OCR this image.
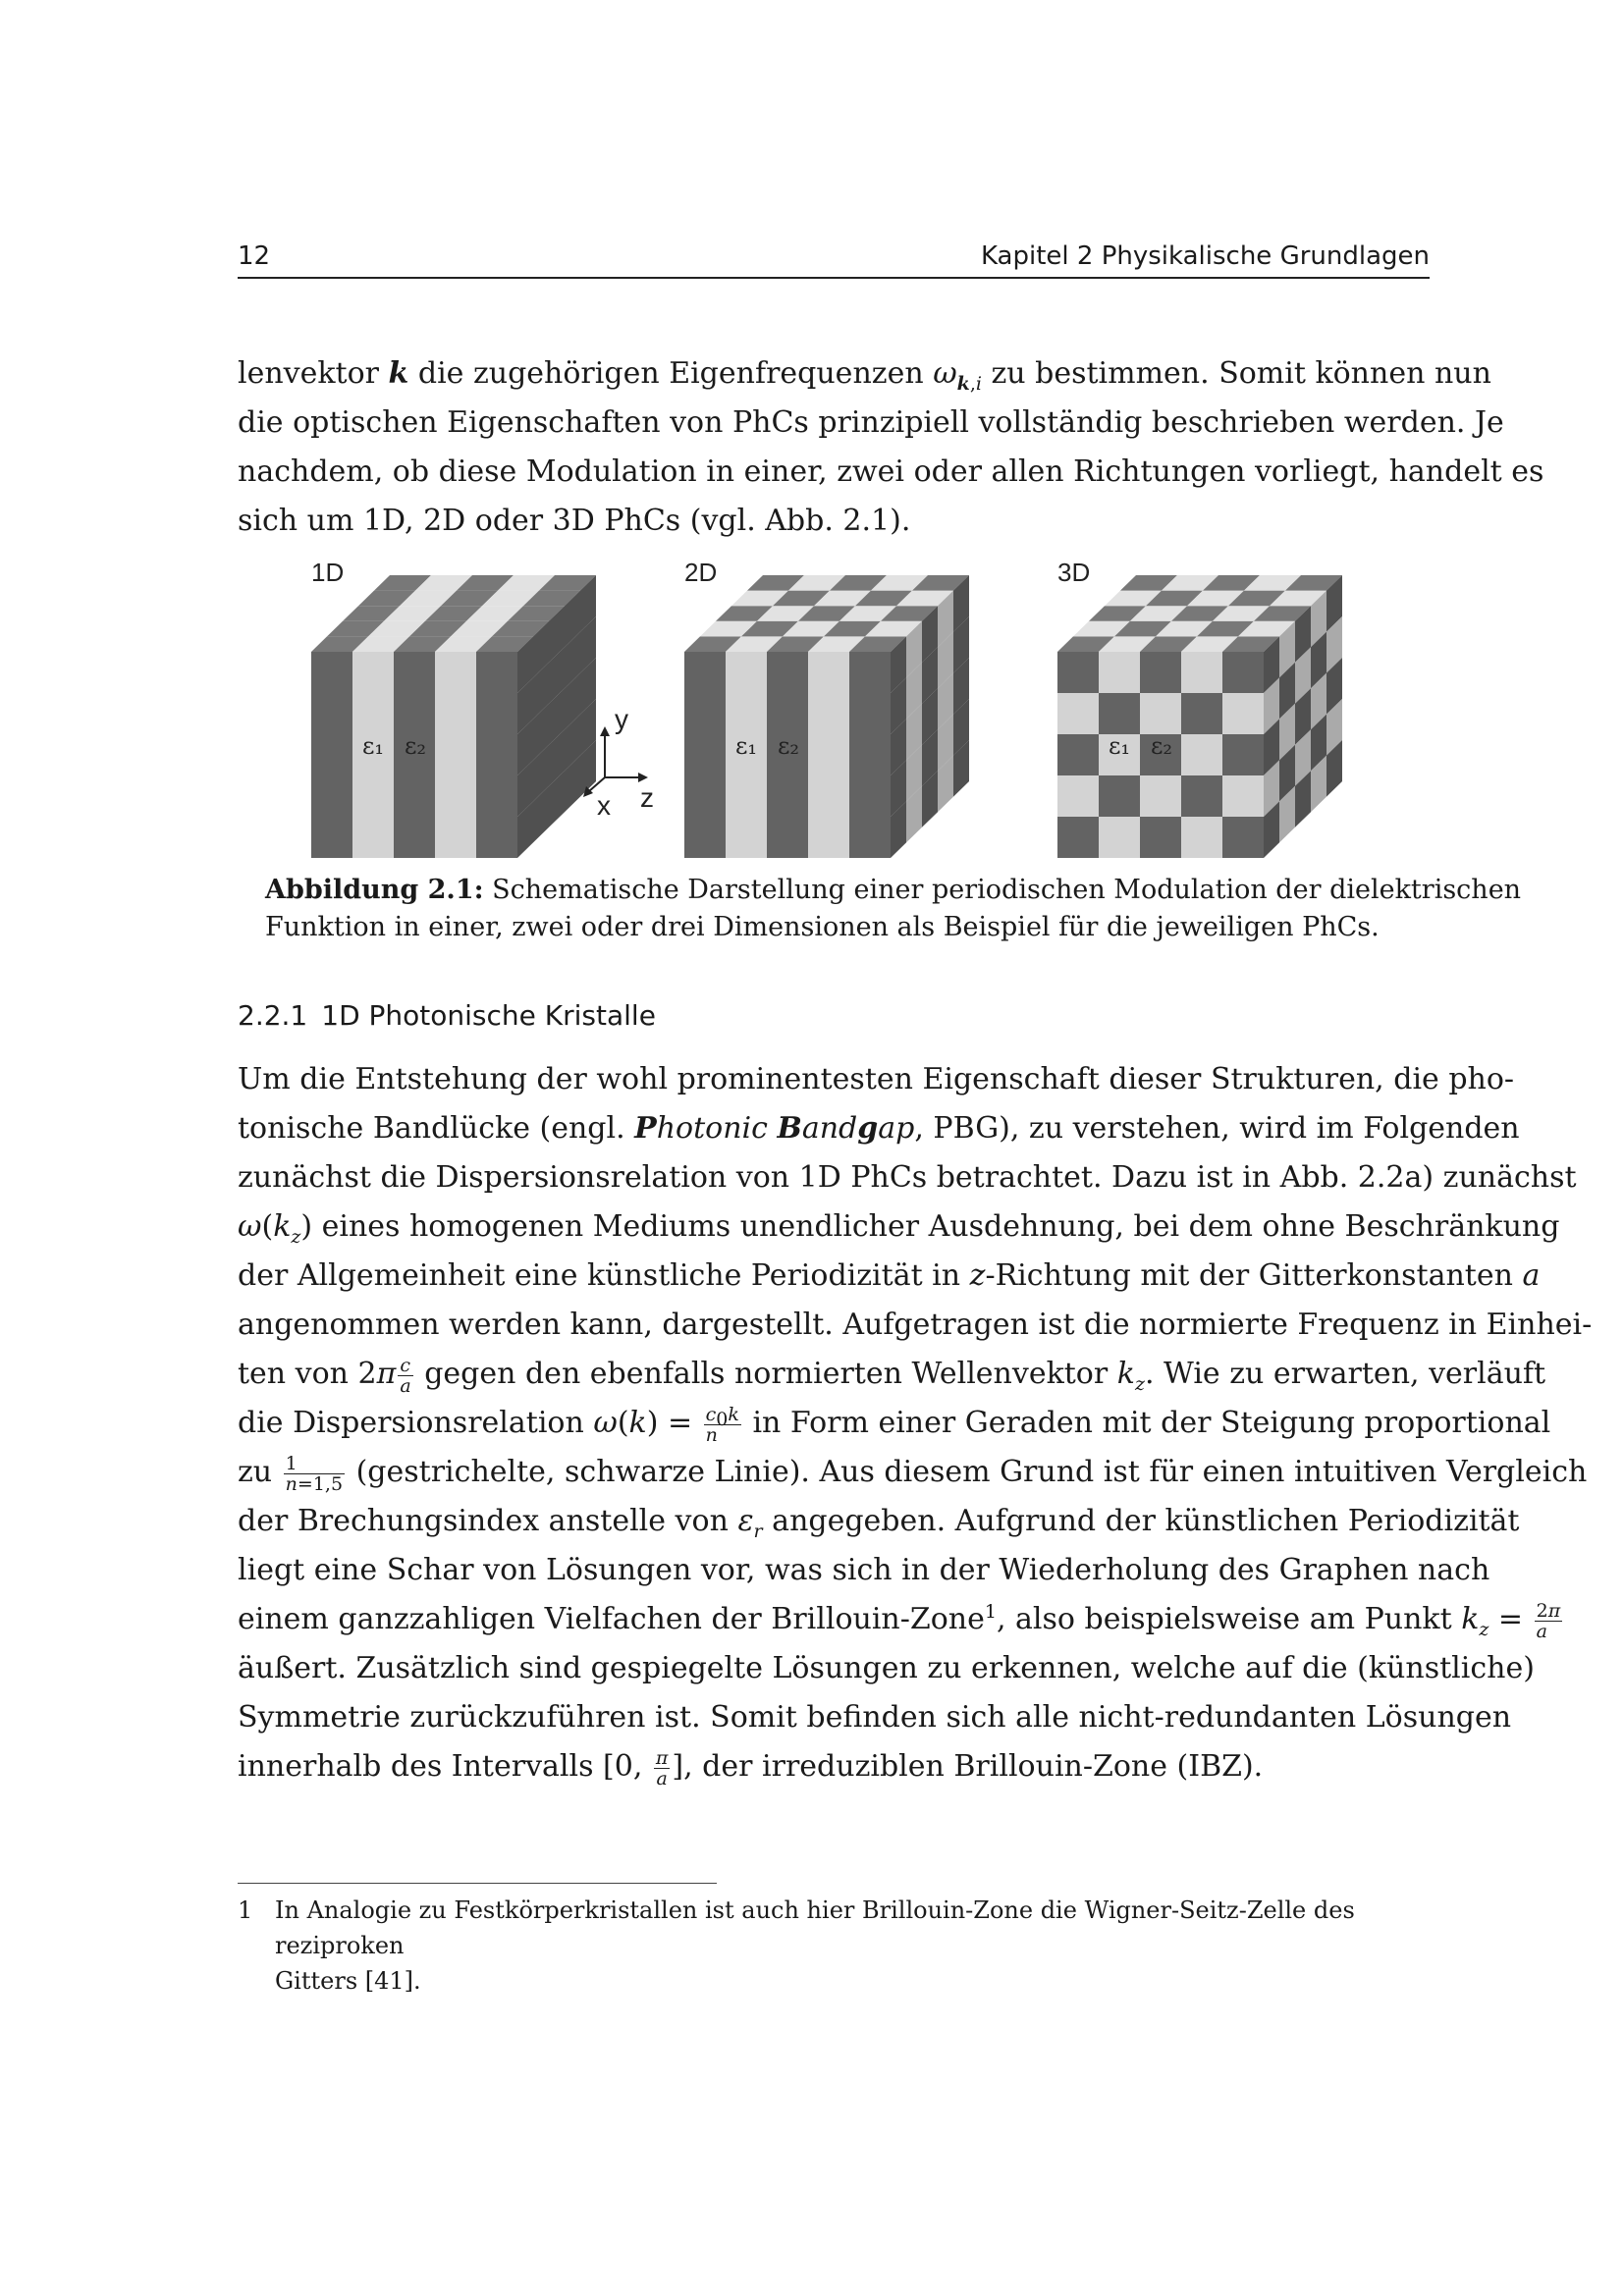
12	Kapitel 2 Physikalische Grundlagen
lenvektor k die zugehörigen Eigenfrequenzen $\omega_{k,i}$ zu bestimmen. Somit können nun
die optischen Eigenschaften von PhCs prinzipiell vollständig beschrieben werden. Je
nachdem, ob diese Modulation in einer, zwei oder allen Richtungen vorliegt, handelt es
sich um 1D, 2D oder 3D PhCs (vgl. Abb. 2.1).
1D
ε₁ ε₂
2D
ε₁ ε₂
3D
ε₁ ε₂
y
z
x
Abbildung 2.1: Schematische Darstellung einer periodischen Modulation der dielektrischen
Funktion in einer, zwei oder drei Dimensionen als Beispiel für die jeweiligen PhCs.
2.2.1 1D Photonische Kristalle
Um die Entstehung der wohl prominentesten Eigenschaft dieser Strukturen, die pho-
tonische Bandlücke (engl. Photonic Bandgap, PBG), zu verstehen, wird im Folgenden
zunächst die Dispersionsrelation von 1D PhCs betrachtet. Dazu ist in Abb. 2.2a) zunächst
$\omega(k_z)$ eines homogenen Mediums unendlicher Ausdehnung, bei dem ohne Beschränkung
der Allgemeinheit eine künstliche Periodizität in z-Richtung mit der Gitterkonstanten a
angenommen werden kann, dargestellt. Aufgetragen ist die normierte Frequenz in Einhei-
ten von $2\pi \frac{c}{a}$ gegen den ebenfalls normierten Wellenvektor $k_z$. Wie zu erwarten, verläuft
die Dispersionsrelation $\omega(k) = \frac{c_0k}{n}$ in Form einer Geraden mit der Steigung proportional
zu $\frac{1}{n=1,5}$ (gestrichelte, schwarze Linie). Aus diesem Grund ist für einen intuitiven Vergleich
der Brechungsindex anstelle von $\varepsilon_r$ angegeben. Aufgrund der künstlichen Periodizität
liegt eine Schar von Lösungen vor, was sich in der Wiederholung des Graphen nach
einem ganzzahligen Vielfachen der Brillouin-Zone$^1$, also beispielsweise am Punkt $k_z = \frac{2\pi}{a}$
äußert. Zusätzlich sind gespiegelte Lösungen zu erkennen, welche auf die (künstliche)
Symmetrie zurückzuführen ist. Somit befinden sich alle nicht-redundanten Lösungen
innerhalb des Intervalls [0, $\frac{\pi}{a}$ ], der irreduziblen Brillouin-Zone (IBZ).
1 In Analogie zu Festkörperkristallen ist auch hier Brillouin-Zone die Wigner-Seitz-Zelle des reziproken
Gitters [41].
